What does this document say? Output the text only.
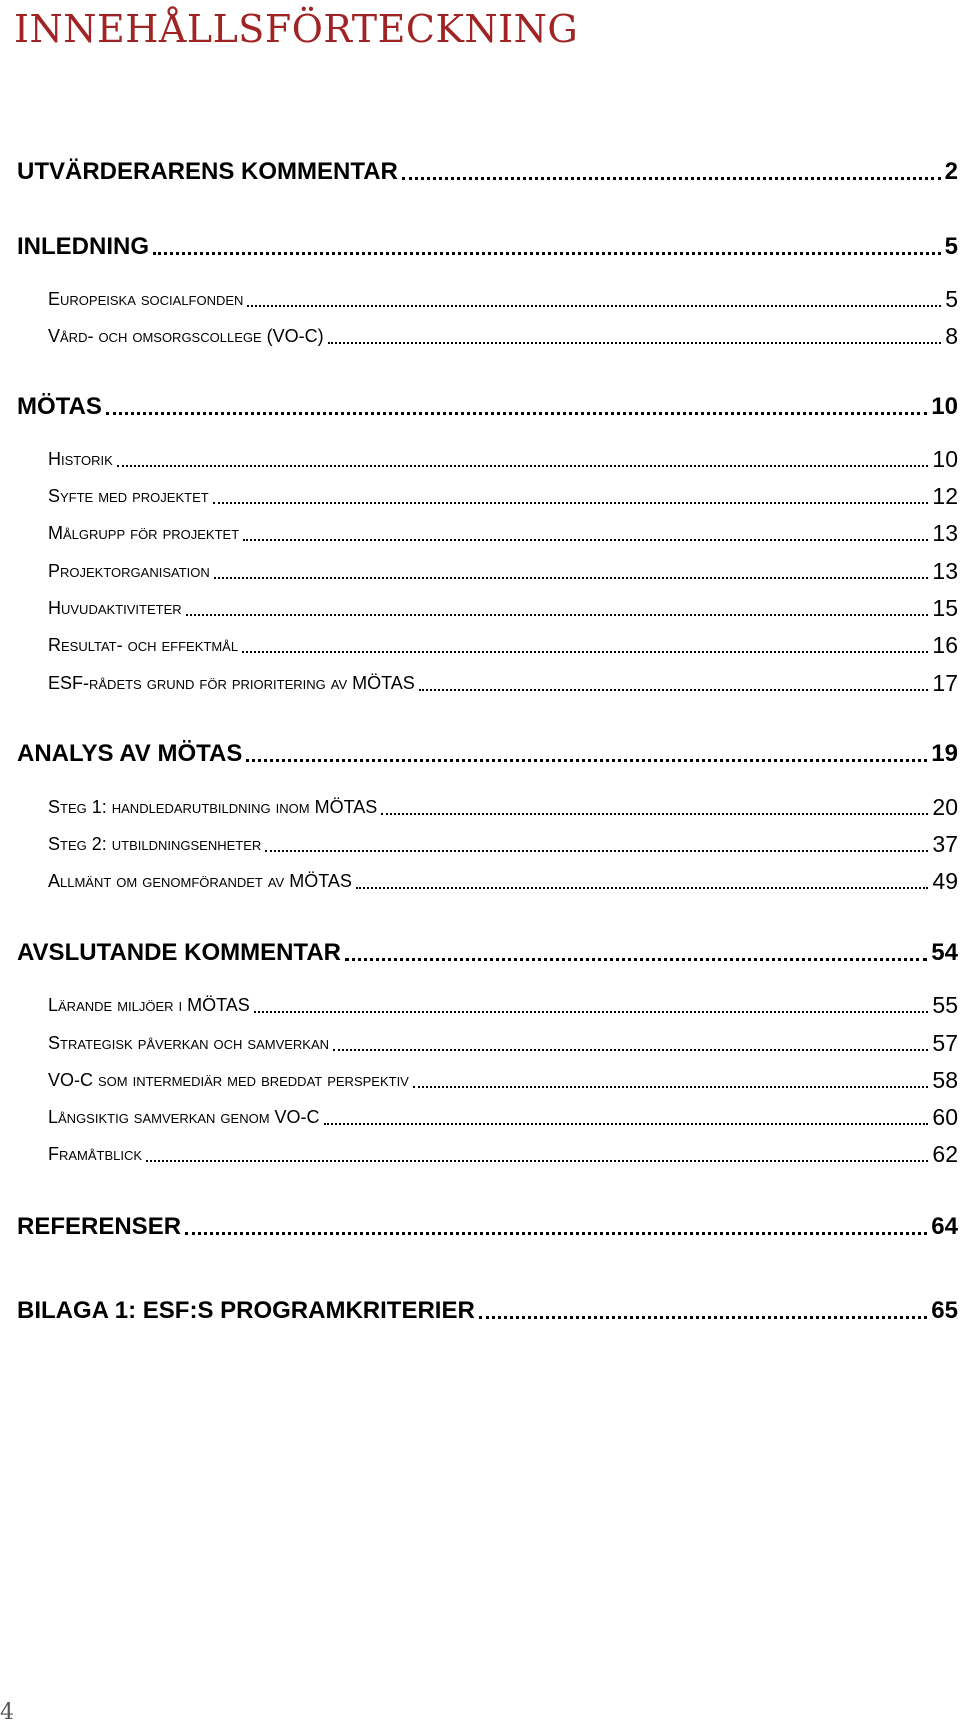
INNEHÅLLSFÖRTECKNING
UTVÄRDERARENS KOMMENTAR	2
INLEDNING	5
Europeiska socialfonden	5
Vård- och omsorgscollege (VO-C)	8
MÖTAS	10
Historik	10
Syfte med projektet	12
Målgrupp för projektet	13
Projektorganisation	13
Huvudaktiviteter	15
Resultat- och effektmål	16
ESF-rådets grund för prioritering av MÖTAS	17
ANALYS AV MÖTAS	19
Steg 1: handledarutbildning inom MÖTAS	20
Steg 2: utbildningsenheter	37
Allmänt om genomförandet av MÖTAS	49
AVSLUTANDE KOMMENTAR	54
Lärande miljöer i MÖTAS	55
Strategisk påverkan och samverkan	57
VO-C som intermediär med breddat perspektiv	58
Långsiktig samverkan genom VO-C	60
Framåtblick	62
REFERENSER	64
BILAGA 1: ESF:S PROGRAMKRITERIER	65
4
